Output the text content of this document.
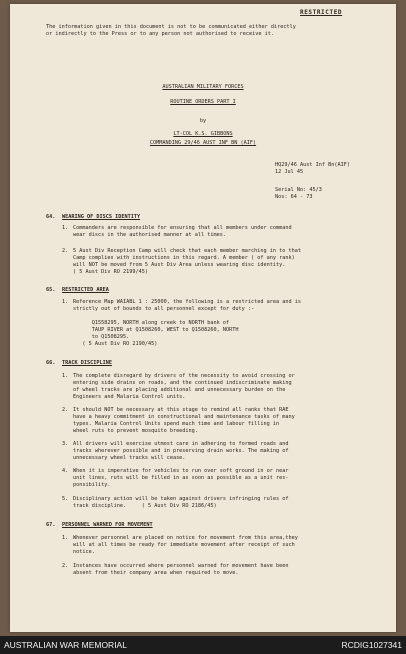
RESTRICTED
The information given in this document is not to be communicated either directly
or indirectly to the Press or to any person not authorised to receive it.
AUSTRALIAN MILITARY FORCES
ROUTINE ORDERS PART I
by
LT-COL K.S. GIBBONS
COMMANDING 29/46 AUST INF BN (AIF)
HQ29/46 Aust Inf Bn(AIF)
12 Jul 45
Serial No: 45/3
Nos: 64 - 73
64. WEARING OF DISCS IDENTITY
1. Commanders are responsible for ensuring that all members under command
wear discs in the authorised manner at all times.
2. 5 Aust Div Reception Camp will check that each member marching in to that
Camp complies with instructions in this regard. A member ( of any rank)
will NOT be moved from 5 Aust Div Area unless wearing disc identity.
( 5 Aust Div RO 2199/45)
65. RESTRICTED AREA
1. Reference Map WAIABL 1 : 25000, the following is a restricted area and is
strictly out of bounds to all personnel except for duty :-
Q1558295, NORTH along creek to NORTH bank of
TAUP RIVER at Q1508260, WEST to Q1508260, NORTH
to Q1508295.
( 5 Aust Div RO 2190/45)
66. TRACK DISCIPLINE
1. The complete disregard by drivers of the necessity to avoid crossing or
entering side drains on roads, and the continued indiscriminate making
of wheel tracks are placing additional and unnecessary burden on the
Engineers and Malaria Control units.
2. It should NOT be necessary at this stage to remind all ranks that RAE
have a heavy commitment in constructional and maintenance tasks of many
types. Malaria Control Units spend much time and labour filling in
wheel ruts to prevent mosquito breeding.
3. All drivers will exercise utmost care in adhering to formed roads and
tracks wherever possible and in preserving drain works. The making of
unnecessary wheel tracks will cease.
4. When it is imperative for vehicles to run over soft ground in or near
unit lines, ruts will be filled in as soon as possible as a unit res-
ponsibility.
5. Disciplinary action will be taken against drivers infringing rules of
track discipline.     ( 5 Aust Div RO 2186/45)
67. PERSONNEL WARNED FOR MOVEMENT
1. Whenever personnel are placed on notice for movement from this area,they
will at all times be ready for immediate movement after receipt of such
notice.
2. Instances have occurred where personnel warned for movement have been
absent from their company area when required to move.
AUSTRALIAN WAR MEMORIAL	RCDIG1027341
